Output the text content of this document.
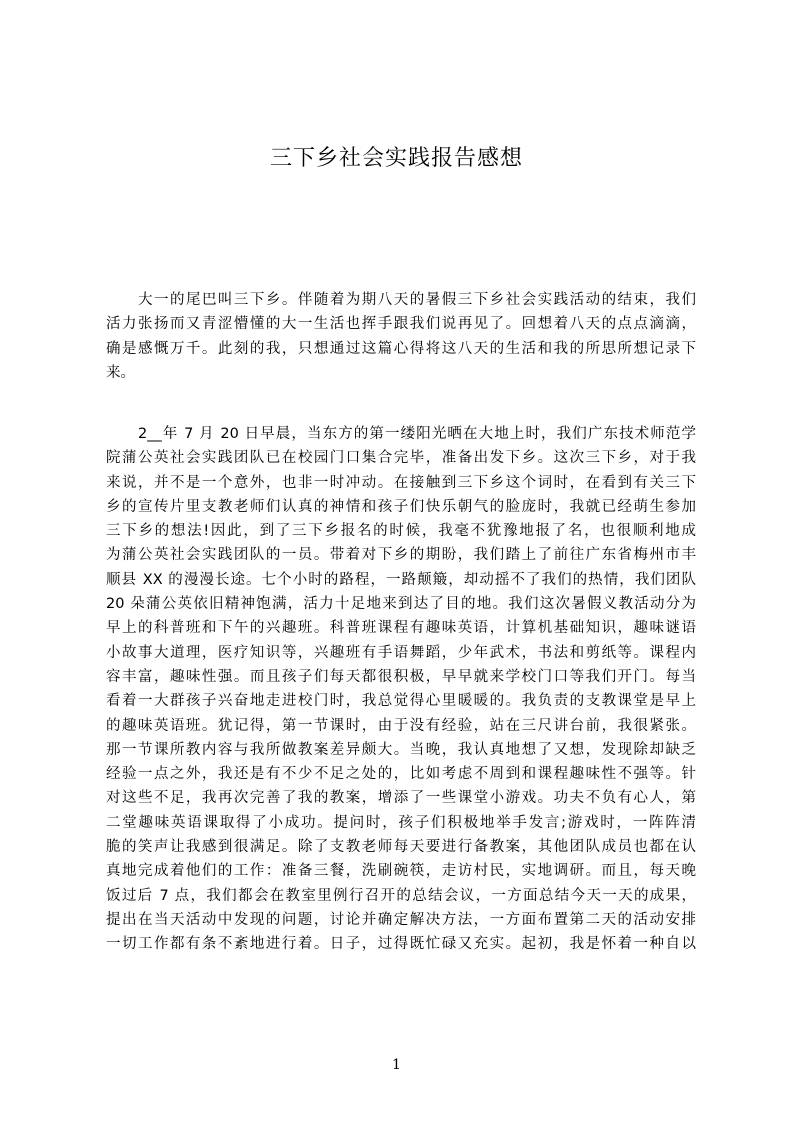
三下乡社会实践报告感想
大一的尾巴叫三下乡。伴随着为期八天的暑假三下乡社会实践活动的结束，我们
活力张扬而又青涩懵懂的大一生活也挥手跟我们说再见了。回想着八天的点点滴滴，
确是感慨万千。此刻的我，只想通过这篇心得将这八天的生活和我的所思所想记录下
来。
2__年 7 月 20 日早晨，当东方的第一缕阳光晒在大地上时，我们广东技术师范学
院蒲公英社会实践团队已在校园门口集合完毕，准备出发下乡。这次三下乡，对于我
来说，并不是一个意外，也非一时冲动。在接触到三下乡这个词时，在看到有关三下
乡的宣传片里支教老师们认真的神情和孩子们快乐朝气的脸庞时，我就已经萌生参加
三下乡的想法!因此，到了三下乡报名的时候，我毫不犹豫地报了名，也很顺利地成
为蒲公英社会实践团队的一员。带着对下乡的期盼，我们踏上了前往广东省梅州市丰
顺县 XX 的漫漫长途。七个小时的路程，一路颠簸，却动摇不了我们的热情，我们团队
20 朵蒲公英依旧精神饱满，活力十足地来到达了目的地。我们这次暑假义教活动分为
早上的科普班和下午的兴趣班。科普班课程有趣味英语，计算机基础知识，趣味谜语
小故事大道理，医疗知识等，兴趣班有手语舞蹈，少年武术，书法和剪纸等。课程内
容丰富，趣味性强。而且孩子们每天都很积极，早早就来学校门口等我们开门。每当
看着一大群孩子兴奋地走进校门时，我总觉得心里暖暖的。我负责的支教课堂是早上
的趣味英语班。犹记得，第一节课时，由于没有经验，站在三尺讲台前，我很紧张。
那一节课所教内容与我所做教案差异颇大。当晚，我认真地想了又想，发现除却缺乏
经验一点之外，我还是有不少不足之处的，比如考虑不周到和课程趣味性不强等。针
对这些不足，我再次完善了我的教案，增添了一些课堂小游戏。功夫不负有心人，第
二堂趣味英语课取得了小成功。提问时，孩子们积极地举手发言;游戏时，一阵阵清
脆的笑声让我感到很满足。除了支教老师每天要进行备教案，其他团队成员也都在认
真地完成着他们的工作：准备三餐，洗刷碗筷，走访村民，实地调研。而且，每天晚
饭过后 7 点，我们都会在教室里例行召开的总结会议，一方面总结今天一天的成果，
提出在当天活动中发现的问题，讨论并确定解决方法，一方面布置第二天的活动安排
一切工作都有条不紊地进行着。日子，过得既忙碌又充实。起初，我是怀着一种自以
1
